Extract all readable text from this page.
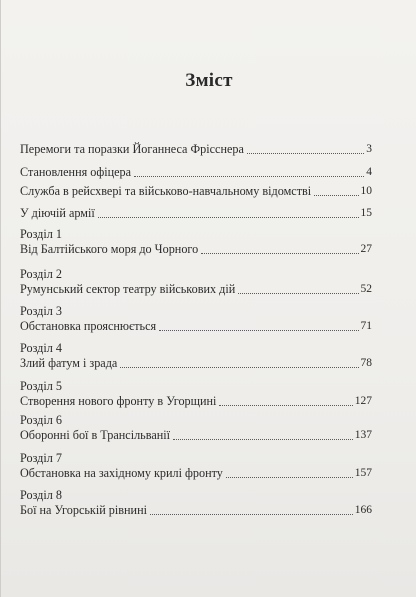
Зміст
Перемоги та поразки Йоганнеса Фрісснера	3
Становлення офіцера	4
Служба в рейсхвері та військово-навчальному відомстві	10
У діючій армії	15
Розділ 1
Від Балтійського моря до Чорного	27
Розділ 2
Румунський сектор театру військових дій	52
Розділ 3
Обстановка прояснюється	71
Розділ 4
Злий фатум і зрада	78
Розділ 5
Створення нового фронту в Угорщині	127
Розділ 6
Оборонні бої в Трансільванії	137
Розділ 7
Обстановка на західному крилі фронту	157
Розділ 8
Бої на Угорській рівнині	166
